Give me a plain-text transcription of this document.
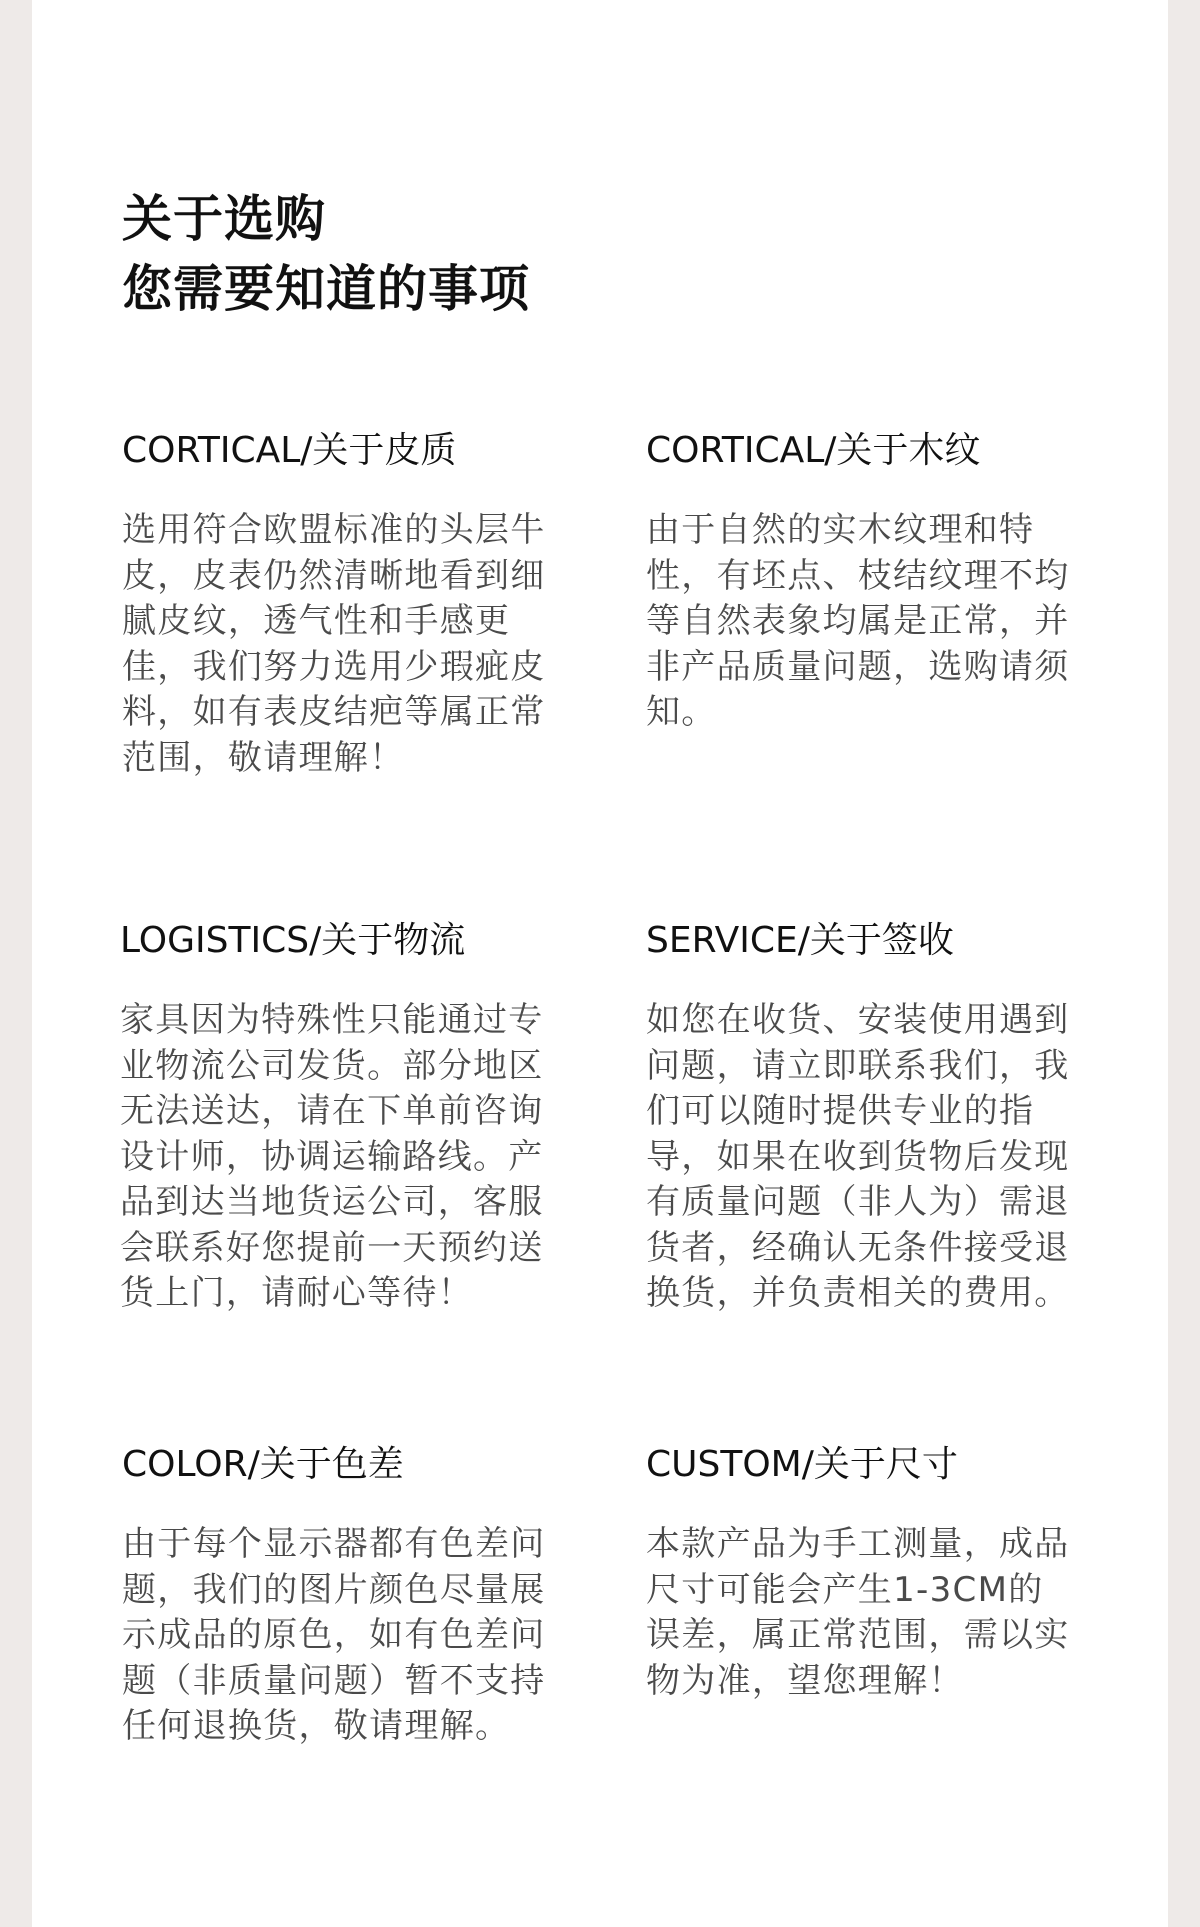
关于选购
您需要知道的事项
CORTICAL/关于皮质

选用符合欧盟标准的头层牛皮，皮表仍然清晰地看到细腻皮纹，透气性和手感更佳，我们努力选用少瑕疵皮料，如有表皮结疤等属正常范围，敬请理解！

CORTICAL/关于木纹

由于自然的实木纹理和特性，有坯点、枝结纹理不均等自然表象均属是正常，并非产品质量问题，选购请须知。

LOGISTICS/关于物流

家具因为特殊性只能通过专业物流公司发货。部分地区无法送达，请在下单前咨询设计师，协调运输路线。产品到达当地货运公司，客服会联系好您提前一天预约送货上门，请耐心等待！

SERVICE/关于签收

如您在收货、安装使用遇到问题，请立即联系我们，我们可以随时提供专业的指导，如果在收到货物后发现有质量问题（非人为）需退货者，经确认无条件接受退换货，并负责相关的费用。

COLOR/关于色差

由于每个显示器都有色差问题，我们的图片颜色尽量展示成品的原色，如有色差问题（非质量问题）暂不支持任何退换货，敬请理解。

CUSTOM/关于尺寸

本款产品为手工测量，成品尺寸可能会产生1-3CM的误差，属正常范围，需以实物为准，望您理解！
